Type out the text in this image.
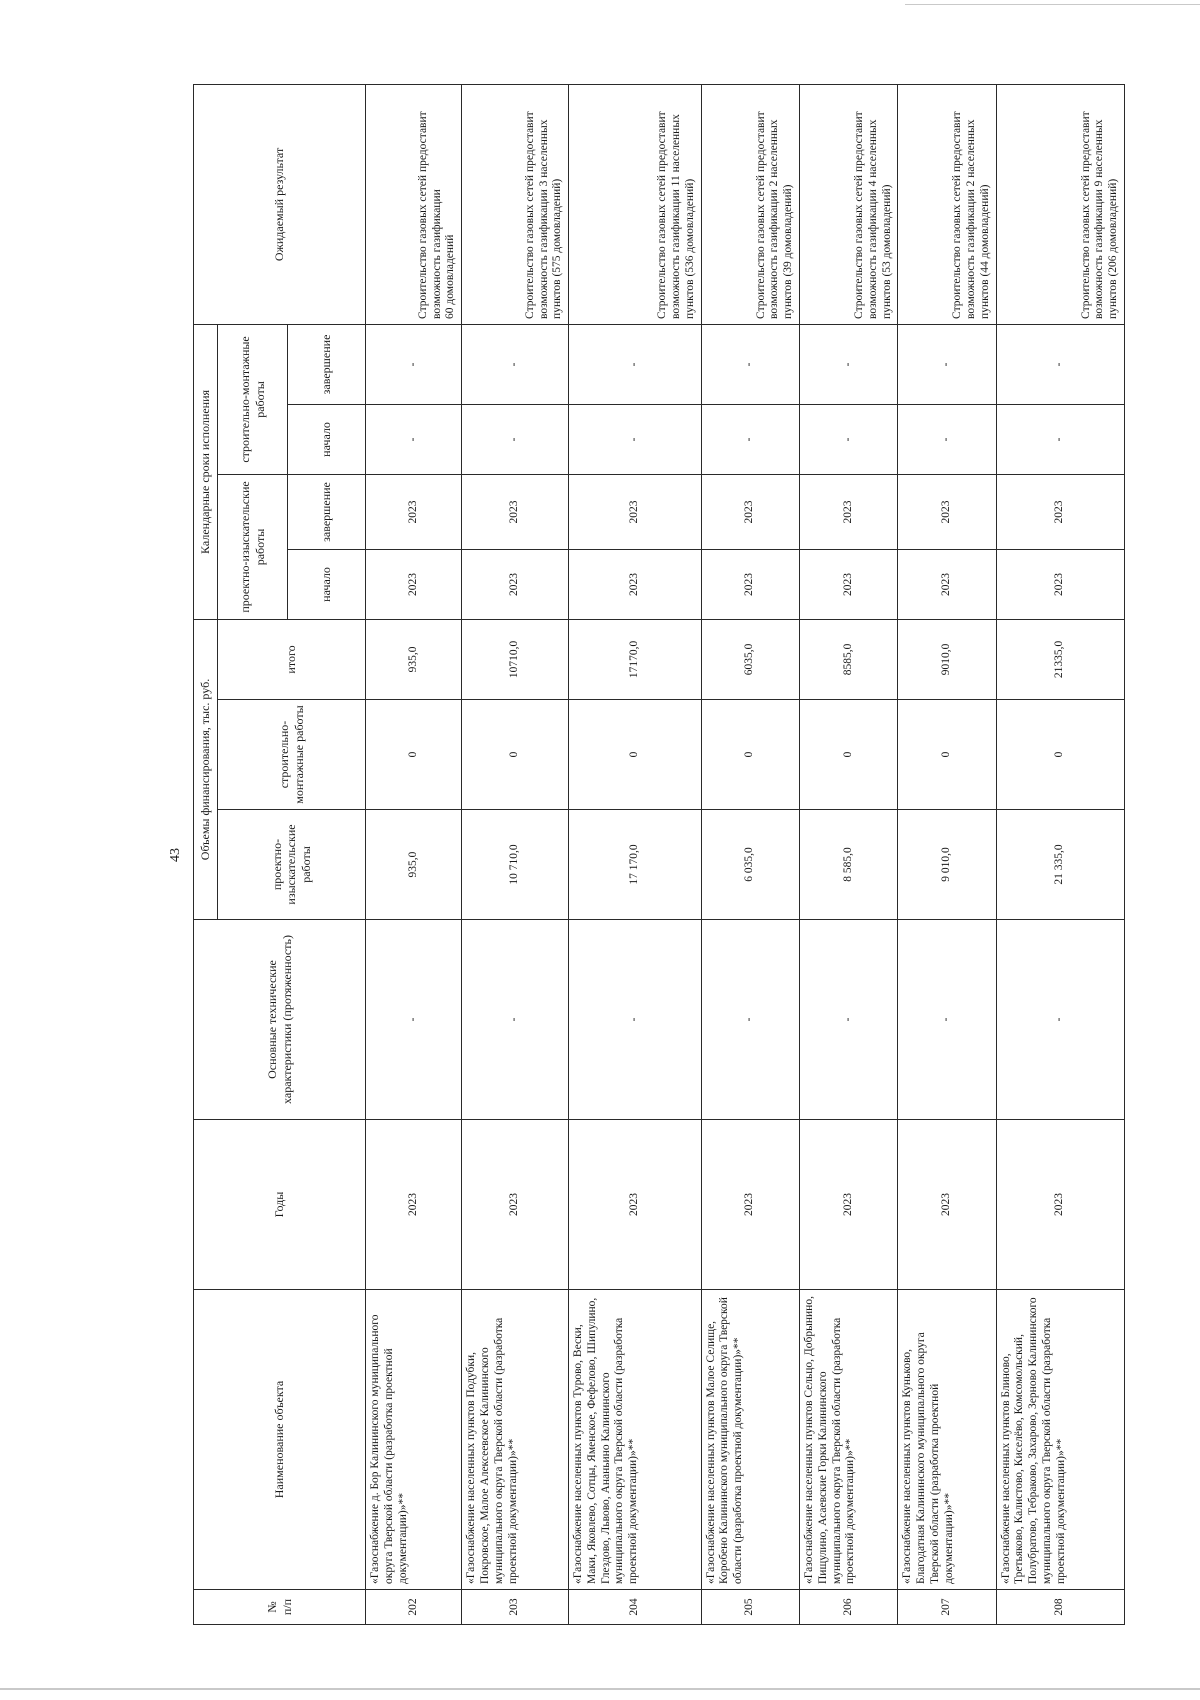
43
№
п/п	Наименование объекта	Годы	Основные технические характеристики (протяженность)	Объемы финансирования, тыс. руб.			Календарные сроки исполнения				Ожидаемый результат
				проектно-изыскательские работы	строительно-монтажные работы	итого	проектно-изыскательские работы		строительно-монтажные работы		
							начало	завершение	начало	завершение	
202	«Газоснабжение д. Бор Калининского муниципального округа Тверской области (разработка проектной документации)»**	2023	-	935,0	0	935,0	2023	2023	-	-	Строительство газовых сетей предоставит возможность газификации
60 домовладений
203	«Газоснабжение населенных пунктов Подубки, Покровское, Малое Алексеевское Калининского муниципального округа Тверской области (разработка проектной документации)»**	2023	-	10 710,0	0	10710,0	2023	2023	-	-	Строительство газовых сетей предоставит возможность газификации 3 населенных пунктов (575 домовладений)
204	«Газоснабжение населенных пунктов Турово, Вески, Маки, Яковлево, Сотцы, Яменское, Фефелово, Шипулино, Глездово, Львово, Ананьино Калининского муниципального округа Тверской области (разработка проектной документации)»**	2023	-	17 170,0	0	17170,0	2023	2023	-	-	Строительство газовых сетей предоставит возможность газификации 11 населенных пунктов (536 домовладений)
205	«Газоснабжение населенных пунктов Малое Селище, Коробено Калининского муниципального округа Тверской области (разработка проектной документации)»**	2023	-	6 035,0	0	6035,0	2023	2023	-	-	Строительство газовых сетей предоставит возможность газификации 2 населенных пунктов (39 домовладений)
206	«Газоснабжение населенных пунктов Сельцо, Добрынино, Пищулино, Асаевские Горки Калининского муниципального округа Тверской области (разработка проектной документации)»**	2023	-	8 585,0	0	8585,0	2023	2023	-	-	Строительство газовых сетей предоставит возможность газификации 4 населенных пунктов (53 домовладений)
207	«Газоснабжение населенных пунктов Куньково, Благодатная Калининского муниципального округа Тверской области (разработка проектной документации)»**	2023	-	9 010,0	0	9010,0	2023	2023	-	-	Строительство газовых сетей предоставит возможность газификации 2 населенных пунктов (44 домовладений)
208	«Газоснабжение населенных пунктов Блиново, Третьяково, Калистово, Киселёво, Комсомольский, Полубратово, Тебраково, Захарово, Зерново Калининского муниципального округа Тверской области (разработка проектной документации)»**	2023	-	21 335,0	0	21335,0	2023	2023	-	-	Строительство газовых сетей предоставит возможность газификации 9 населенных пунктов (206 домовладений)
